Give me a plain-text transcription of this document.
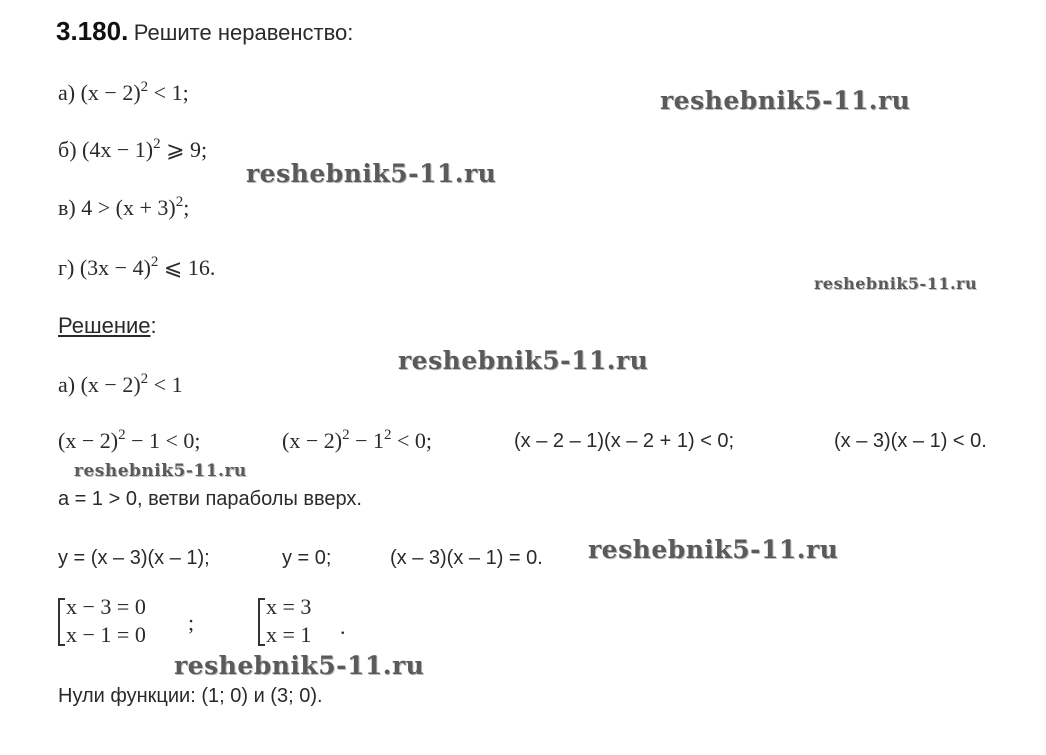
3.180. Решите неравенство:
а) $(x - 2)^2 < 1$;
б) $(4x - 1)^2$ ⩾ 9;
в) $4 > (x + 3)^2$;
г) $(3x - 4)^2$ ⩽ 16.
Решение:
а) $(x - 2)^2 < 1$
$(x - 2)^2 - 1 < 0$;	$(x - 2)^2 - 1^2 < 0$;	(x – 2 – 1)(x – 2 + 1) < 0;	(x – 3)(x – 1) < 0.
a = 1 > 0, ветви параболы вверх.
y = (x – 3)(x – 1);	y = 0;	(x – 3)(x – 1) = 0.
x − 3 = 0
x − 1 = 0 ;
x = 3
x = 1 .
Нули функции: (1; 0) и (3; 0).
reshebnik5-11.ru
reshebnik5-11.ru
reshebnik5-11.ru
reshebnik5-11.ru
reshebnik5-11.ru
reshebnik5-11.ru
reshebnik5-11.ru
